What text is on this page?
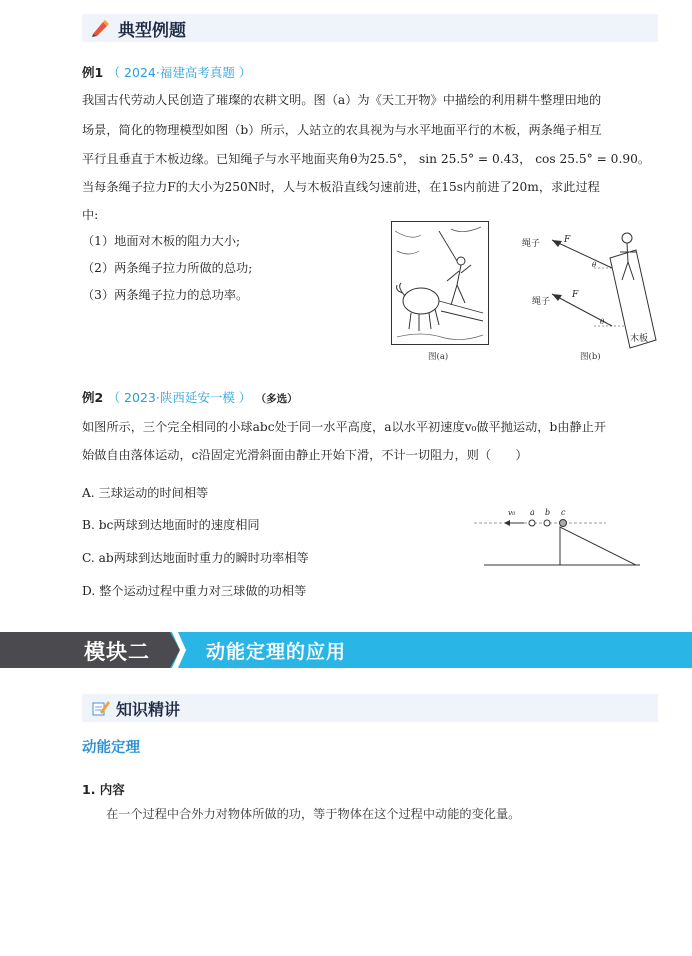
典型例题
例1 （ 2024·福建高考真题 ）
我国古代劳动人民创造了璀璨的农耕文明。图（a）为《天工开物》中描绘的利用耕牛整理田地的
场景，简化的物理模型如图（b）所示，人站立的农具视为与水平地面平行的木板，两条绳子相互
平行且垂直于木板边缘。已知绳子与水平地面夹角θ为25.5°， sin 25.5° = 0.43， cos 25.5° = 0.90。
当每条绳子拉力F的大小为250N时，人与木板沿直线匀速前进，在15s内前进了20m，求此过程
中:
（1）地面对木板的阻力大小;
（2）两条绳子拉力所做的总功;
（3）两条绳子拉力的总功率。
图(a)
绳子	F
θ
绳子
F
θ
木板
图(b)
例2 （ 2023·陕西延安一模 ） （多选）
如图所示，三个完全相同的小球abc处于同一水平高度，a以水平初速度v₀做平抛运动，b由静止开
始做自由落体运动，c沿固定光滑斜面由静止开始下滑，不计一切阻力，则（　　）
A. 三球运动的时间相等
B. bc两球到达地面时的速度相同
C. ab两球到达地面时重力的瞬时功率相等
D. 整个运动过程中重力对三球做的功相等
v₀ a b c
模块二	动能定理的应用
知识精讲
动能定理
1. 内容
在一个过程中合外力对物体所做的功，等于物体在这个过程中动能的变化量。
